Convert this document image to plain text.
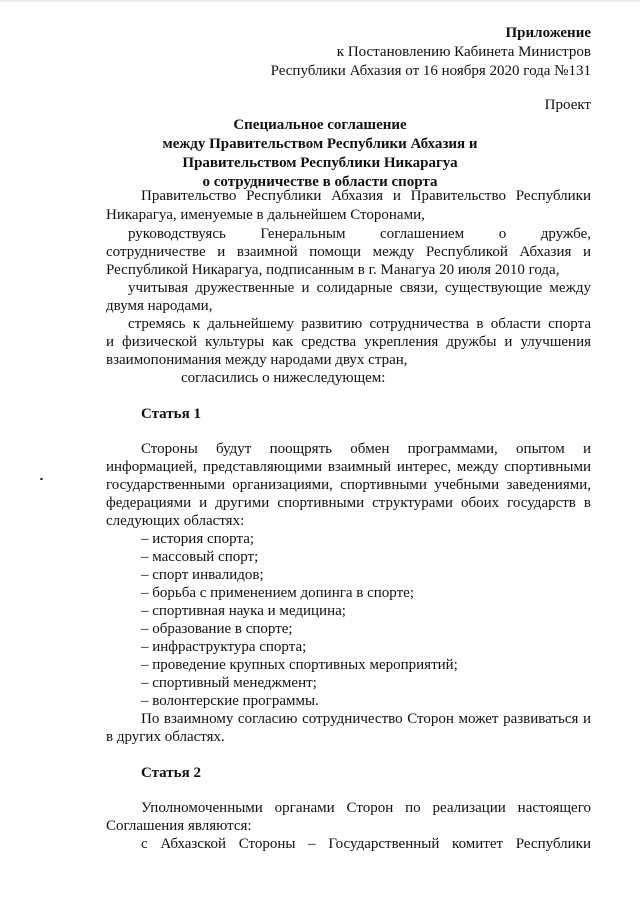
Приложение
к Постановлению Кабинета Министров
Республики Абхазия от 16 ноября 2020 года №131
Проект
Специальное соглашение
между Правительством Республики Абхазия и
Правительством Республики Никарагуа
о сотрудничестве в области спорта
Правительство Республики Абхазия и Правительство Республики
Никарагуа, именуемые в дальнейшем Сторонами,
руководствуясь Генеральным соглашением о дружбе,
сотрудничестве и взаимной помощи между Республикой Абхазия и
Республикой Никарагуа, подписанным в г. Манагуа 20 июля 2010 года,
учитывая дружественные и солидарные связи, существующие между
двумя народами,
стремясь к дальнейшему развитию сотрудничества в области спорта
и физической культуры как средства укрепления дружбы и улучшения
взаимопонимания между народами двух стран,
согласились о нижеследующем:
Статья 1
Стороны будут поощрять обмен программами, опытом и
информацией, представляющими взаимный интерес, между спортивными
государственными организациями, спортивными учебными заведениями,
федерациями и другими спортивными структурами обоих государств в
следующих областях:
– история спорта;
– массовый спорт;
– спорт инвалидов;
– борьба с применением допинга в спорте;
– спортивная наука и медицина;
– образование в спорте;
– инфраструктура спорта;
– проведение крупных спортивных мероприятий;
– спортивный менеджмент;
– волонтерские программы.
По взаимному согласию сотрудничество Сторон может развиваться и
в других областях.
Статья 2
Уполномоченными органами Сторон по реализации настоящего
Соглашения являются:
с Абхазской Стороны – Государственный комитет Республики
